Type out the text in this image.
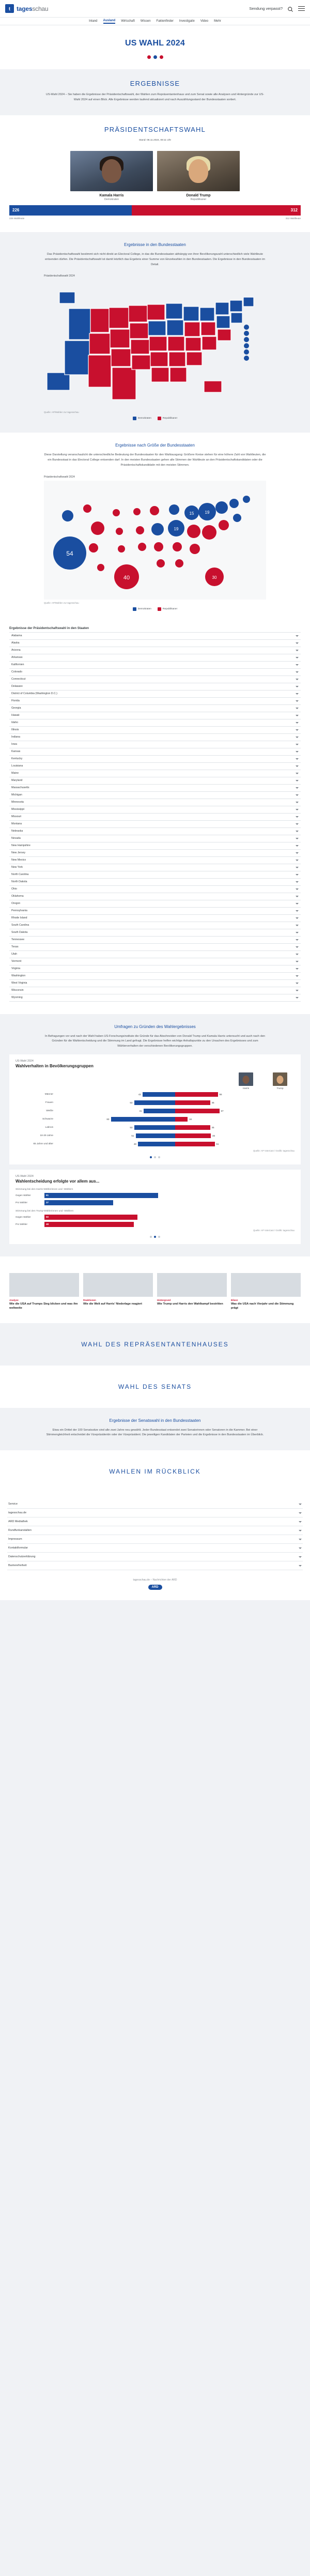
t	tagesschau	Sendung verpasst?
Inland Ausland Wirtschaft Wissen Faktenfinder Investigativ Video Mehr
US WAHL 2024
ERGEBNISSE

US-Wahl 2024 – Sie haben die Ergebnisse der Präsidentschaftswahl, der Wahlen zum Repräsentantenhaus und zum Senat sowie alle Analysen und Hintergründe zur US-Wahl 2024 auf einen Blick. Alle Ergebnisse werden laufend aktualisiert und nach Auszählungsstand der Bundesstaaten sortiert.

PRÄSIDENTSCHAFTSWAHL

Stand: 06.11.2024, 08:11 Uhr

Kamala Harris
Demokraten
Donald Trump
Republikaner
226	312
226 Wahlleute	312 Wahlleute
Ergebnisse in den Bundesstaaten

Das Präsidentschaftswahl bestimmt sich nicht direkt an Electoral College, in das die Bundesstaaten abhängig von ihrer Bevölkerungszahl unterschiedlich viele Wahlleute entsenden dürfen. Die Präsidentschaftswahl ist damit letztlich das Ergebnis einer Summe von Einzelwahlen in den Bundesstaaten. Die Ergebnisse in den Bundesstaaten im Detail.

Präsidentschaftswahl 2024
Quelle: AP/Wahlen zur tagesschau
Demokraten	Republikaner
Ergebnisse nach Größe der Bundesstaaten

Diese Darstellung veranschaulicht die unterschiedliche Bedeutung der Bundesstaaten für den Wahlausgang: Größere Kreise stehen für eine höhere Zahl von Wahlleuten, die ein Bundesstaat in das Electoral College entsenden darf. In den meisten Bundesstaaten gehen alle Stimmen der Wahlleute an den Präsidentschaftskandidaten oder die Präsidentschaftskandidatin mit den meisten Stimmen.

Präsidentschaftswahl 2024
54
40
19
15	19
30
Quelle: AP/Wahlen zur tagesschau
Demokraten	Republikaner
Ergebnisse der Präsidentschaftswahl in den Staaten
Alabama
Alaska
Arizona
Arkansas
Kalifornien
Colorado
Connecticut
Delaware
District of Columbia (Washington D.C.)
Florida
Georgia
Hawaii
Idaho
Illinois
Indiana
Iowa
Kansas
Kentucky
Louisiana
Maine
Maryland
Massachusetts
Michigan
Minnesota
Mississippi
Missouri
Montana
Nebraska
Nevada
New Hampshire
New Jersey
New Mexico
New York
North Carolina
North Dakota
Ohio
Oklahoma
Oregon
Pennsylvania
Rhode Island
South Carolina
South Dakota
Tennessee
Texas
Utah
Vermont
Virginia
Washington
West Virginia
Wisconsin
Wyoming
Umfragen zu Gründen des Wahlergebnisses

In Befragungen vor und nach der Wahl haben US-Forschungsinstitute die Gründe für das Abschneiden von Donald Trump und Kamala Harris untersucht und auch nach den Gründen für die Wahlentscheidung und die Stimmung im Land gefragt. Die Ergebnisse helfen wichtige Anhaltspunkte zu den Ursachen des Ergebnisses und zum Wählerverhalten der verschiedenen Bevölkerungsgruppen.

US-Wahl 2024
Wahlverhalten in Bevölkerungsgruppen
Harris	Trump
Männer	42	55
Frauen	53	45
Weiße	41	57
Schwarze	83	16
Latinos	53	45
18-29 Jahre	51	46
65 Jahre und älter	48	51
Quelle: AP VoteCast / Grafik: tagesschau
US-Wahl 2024
Wahlentscheidung erfolgte vor allem aus...
Stimmung bei den Harris-Wählerinnen und -Wählern
Gegen Wähler	61
Pro Wähler	37
Stimmung bei den Trump-Wählerinnen und -Wählern
Gegen Wähler	50
Pro Wähler	48
Quelle: AP VoteCast / Grafik: tagesschau
Analyse
Wie die USA auf Trumps Sieg blicken und was ihn weltweite
Reaktionen
Wie die Welt auf Harris' Niederlage reagiert
Hintergrund
Wie Trump und Harris den Wahlkampf bestritten
Bilanz
Was die USA nach Vierjahr und die Stimmung prägt
WAHL DES REPRÄSENTANTENHAUSES
WAHL DES SENATS
Ergebnisse der Senatswahl in den Bundesstaaten

Etwa ein Drittel der 100 Senatssitze sind alle zwei Jahre neu gewählt. Jeder Bundesstaat entsendet zwei Senatorinnen oder Senatoren in die Kammer. Bei einer Stimmengleichheit entscheidet die Vizepräsidentin oder der Vizepräsident. Die jeweiligen Kandidaten der Parteien und die Ergebnisse in den Bundesstaaten im Überblick.

WAHLEN IM RÜCKBLICK
Service
tagesschau.de
ARD Mediathek
Rundfunkanstalten
Impressum
Kontaktformular
Datenschutzerklärung
Barrierefreiheit
tagesschau.de – Nachrichten der ARD
ARD
